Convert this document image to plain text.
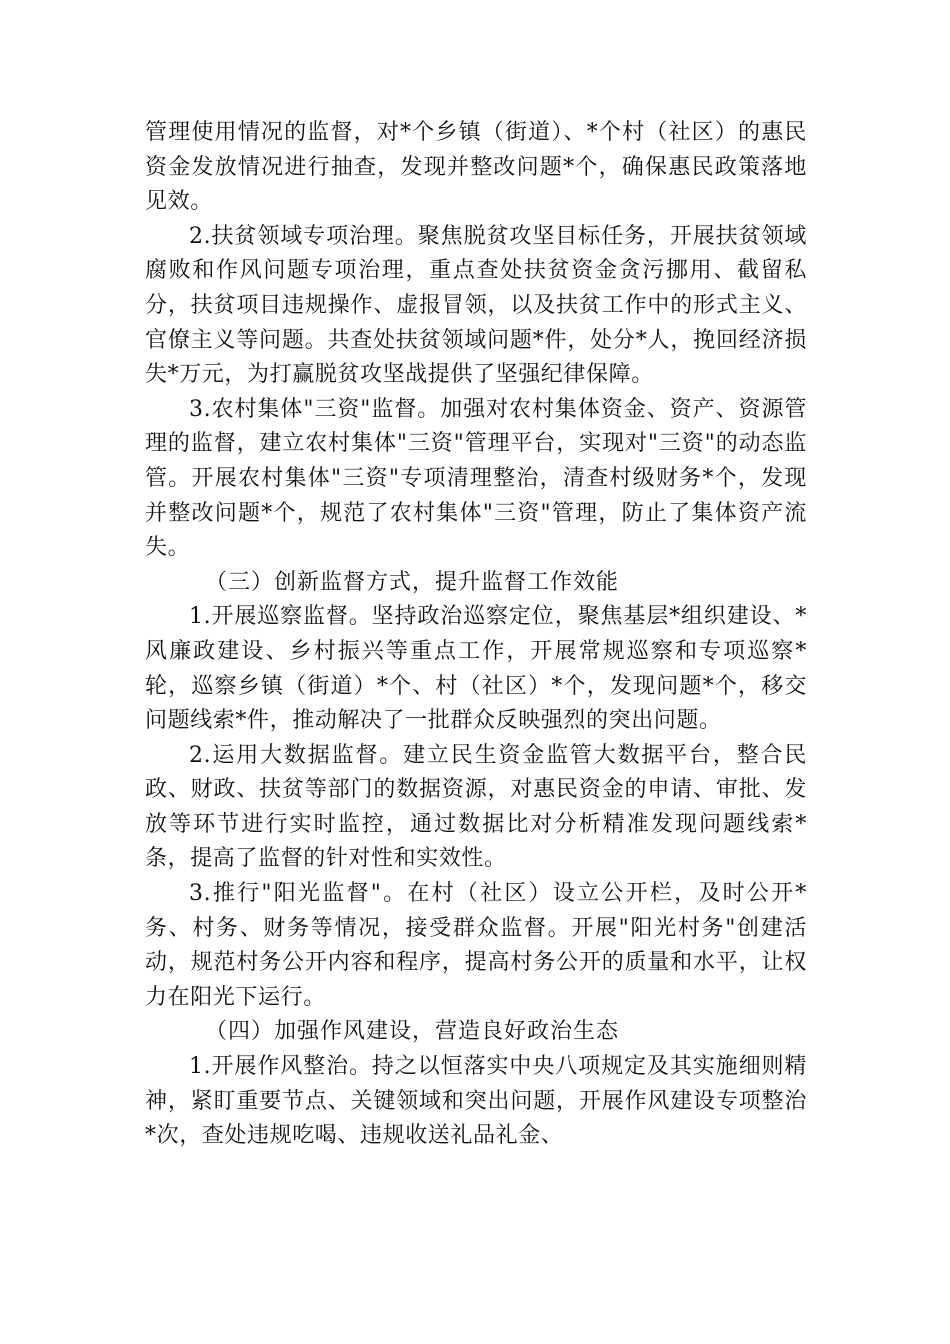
管理使用情况的监督，对*个乡镇（街道）、*个村（社区）的惠民资金发放情况进行抽查，发现并整改问题*个，确保惠民政策落地见效。

2.扶贫领域专项治理。聚焦脱贫攻坚目标任务，开展扶贫领域腐败和作风问题专项治理，重点查处扶贫资金贪污挪用、截留私分，扶贫项目违规操作、虚报冒领，以及扶贫工作中的形式主义、官僚主义等问题。共查处扶贫领域问题*件，处分*人，挽回经济损失*万元，为打赢脱贫攻坚战提供了坚强纪律保障。

3.农村集体"三资"监督。加强对农村集体资金、资产、资源管理的监督，建立农村集体"三资"管理平台，实现对"三资"的动态监管。开展农村集体"三资"专项清理整治，清查村级财务*个，发现并整改问题*个，规范了农村集体"三资"管理，防止了集体资产流失。

（三）创新监督方式，提升监督工作效能

1.开展巡察监督。坚持政治巡察定位，聚焦基层*组织建设、*风廉政建设、乡村振兴等重点工作，开展常规巡察和专项巡察*轮，巡察乡镇（街道）*个、村（社区）*个，发现问题*个，移交问题线索*件，推动解决了一批群众反映强烈的突出问题。

2.运用大数据监督。建立民生资金监管大数据平台，整合民政、财政、扶贫等部门的数据资源，对惠民资金的申请、审批、发放等环节进行实时监控，通过数据比对分析精准发现问题线索*条，提高了监督的针对性和实效性。

3.推行"阳光监督"。在村（社区）设立公开栏，及时公开*务、村务、财务等情况，接受群众监督。开展"阳光村务"创建活动，规范村务公开内容和程序，提高村务公开的质量和水平，让权力在阳光下运行。

（四）加强作风建设，营造良好政治生态

1.开展作风整治。持之以恒落实中央八项规定及其实施细则精神，紧盯重要节点、关键领域和突出问题，开展作风建设专项整治*次，查处违规吃喝、违规收送礼品礼金、
